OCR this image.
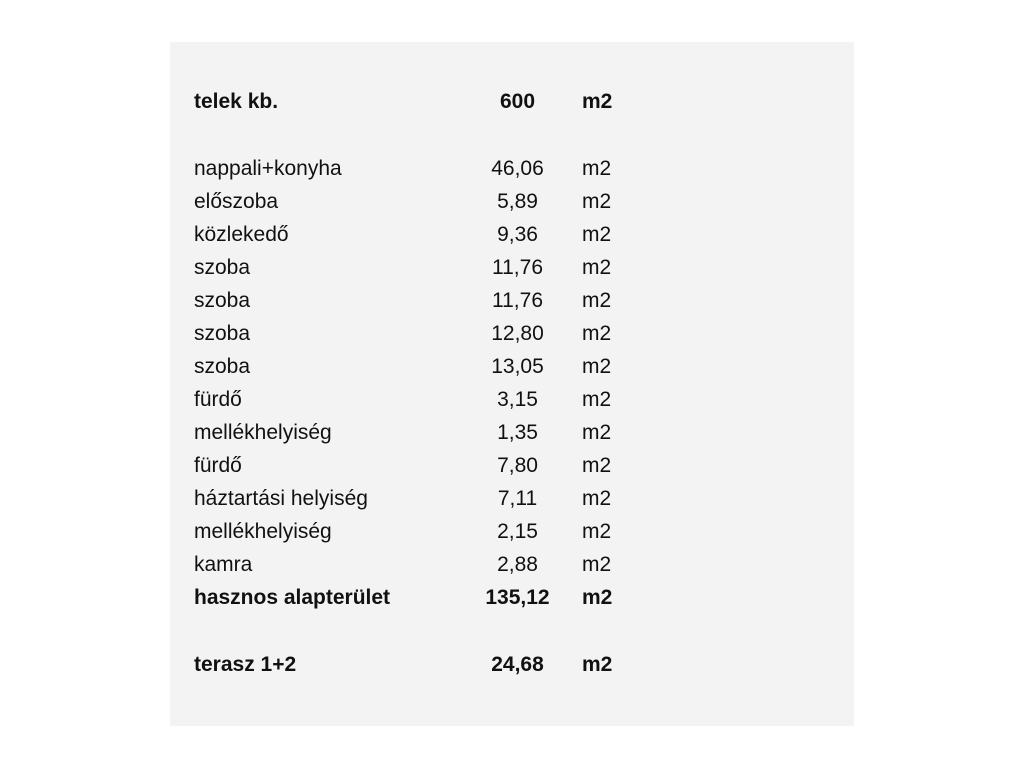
telek kb.	600	m2
nappali+konyha	46,06	m2
előszoba	5,89	m2
közlekedő	9,36	m2
szoba	11,76	m2
szoba	11,76	m2
szoba	12,80	m2
szoba	13,05	m2
fürdő	3,15	m2
mellékhelyiség	1,35	m2
fürdő	7,80	m2
háztartási helyiség	7,11	m2
mellékhelyiség	2,15	m2
kamra	2,88	m2
hasznos alapterület	135,12	m2
terasz 1+2	24,68	m2
